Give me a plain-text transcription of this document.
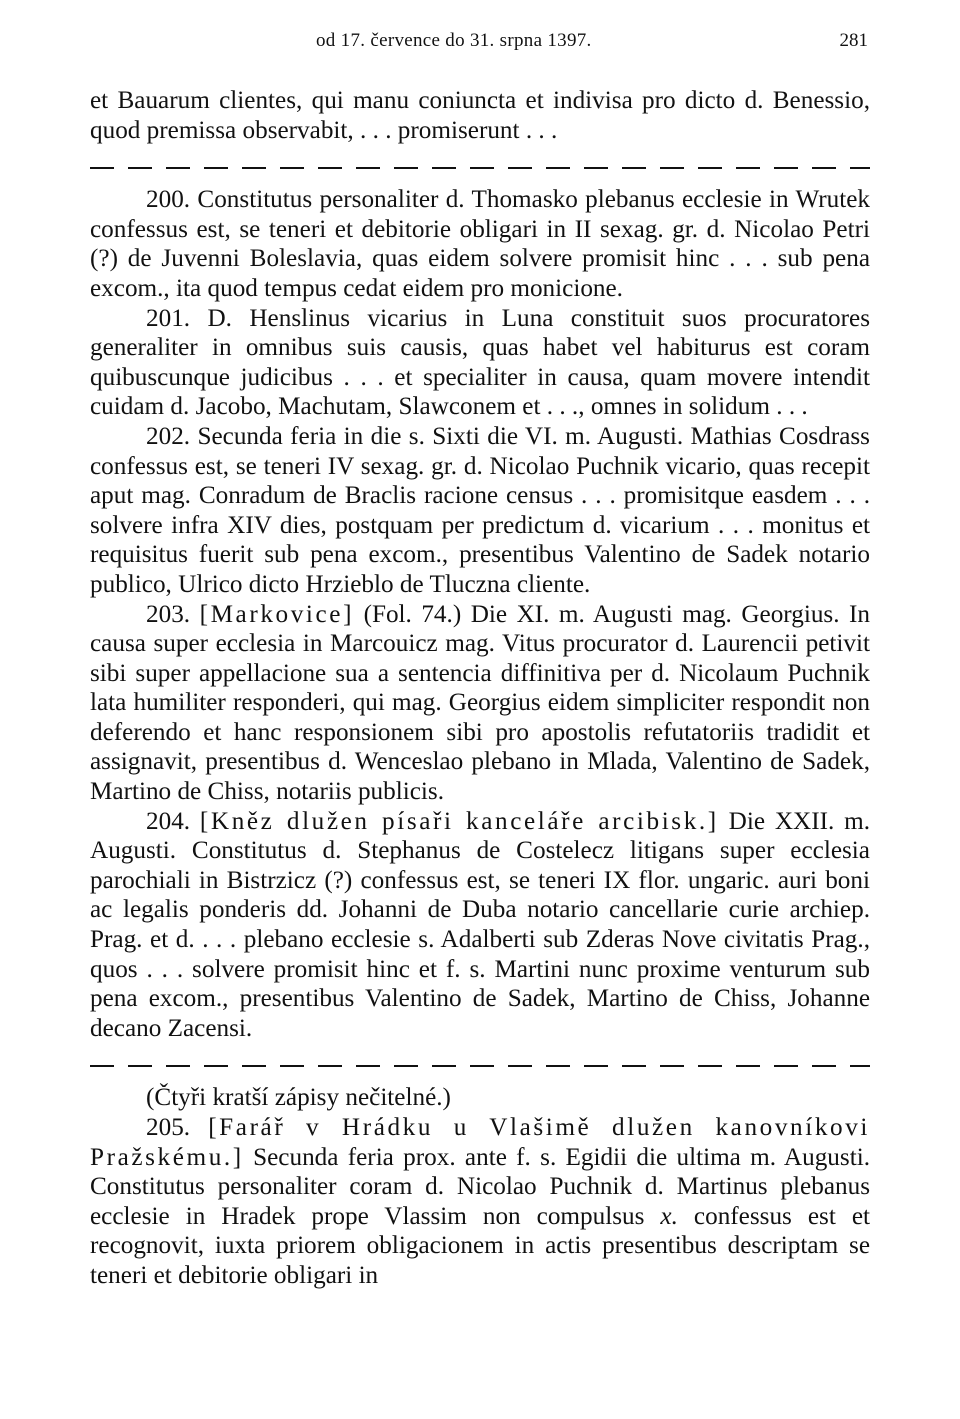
od 17. července do 31. srpna 1397.	281

et Bauarum clientes, qui manu coniuncta et indivisa pro dicto d. Benessio, quod premissa observabit, . . . promiserunt . . .

200. Constitutus personaliter d. Thomasko plebanus ecclesie in Wrutek confessus est, se teneri et debitorie obligari in II sexag. gr. d. Nicolao Petri (?) de Juvenni Boleslavia, quas eidem solvere promisit hinc . . . sub pena excom., ita quod tempus cedat eidem pro monicione.

201. D. Henslinus vicarius in Luna constituit suos procuratores generaliter in omnibus suis causis, quas habet vel habiturus est coram quibuscunque judicibus . . . et specialiter in causa, quam movere intendit cuidam d. Jacobo, Machutam, Slawconem et . . ., omnes in solidum . . .

202. Secunda feria in die s. Sixti die VI. m. Augusti. Mathias Cosdrass confessus est, se teneri IV sexag. gr. d. Nicolao Puchnik vicario, quas recepit aput mag. Conradum de Braclis racione census . . . promisitque easdem . . . solvere infra XIV dies, postquam per predictum d. vicarium . . . monitus et requisitus fuerit sub pena excom., presentibus Valentino de Sadek notario publico, Ulrico dicto Hrzieblo de Tluczna cliente.

203. [Markovice] (Fol. 74.) Die XI. m. Augusti mag. Georgius. In causa super ecclesia in Marcouicz mag. Vitus procurator d. Laurencii petivit sibi super appellacione sua a sentencia diffinitiva per d. Nicolaum Puchnik lata humiliter responderi, qui mag. Georgius eidem simpliciter respondit non deferendo et hanc responsionem sibi pro apostolis refutatoriis tradidit et assignavit, presentibus d. Wenceslao plebano in Mlada, Valentino de Sadek, Martino de Chiss, notariis publicis.

204. [Kněz dlužen písaři kanceláře arcibisk.] Die XXII. m. Augusti. Constitutus d. Stephanus de Costelecz litigans super ecclesia parochiali in Bistrzicz (?) confessus est, se teneri IX flor. ungaric. auri boni ac legalis ponderis dd. Johanni de Duba notario cancellarie curie archiep. Prag. et d. . . . plebano ecclesie s. Adalberti sub Zderas Nove civitatis Prag., quos . . . solvere promisit hinc et f. s. Martini nunc proxime venturum sub pena excom., presentibus Valentino de Sadek, Martino de Chiss, Johanne decano Zacensi.

(Čtyři kratší zápisy nečitelné.)

205. [Farář v Hrádku u Vlašimě dlužen kanovníkovi Pražskému.] Secunda feria prox. ante f. s. Egidii die ultima m. Augusti. Constitutus personaliter coram d. Nicolao Puchnik d. Martinus plebanus ecclesie in Hradek prope Vlassim non compulsus x. confessus est et recognovit, iuxta priorem obligacionem in actis presentibus descriptam se teneri et debitorie obligari in
